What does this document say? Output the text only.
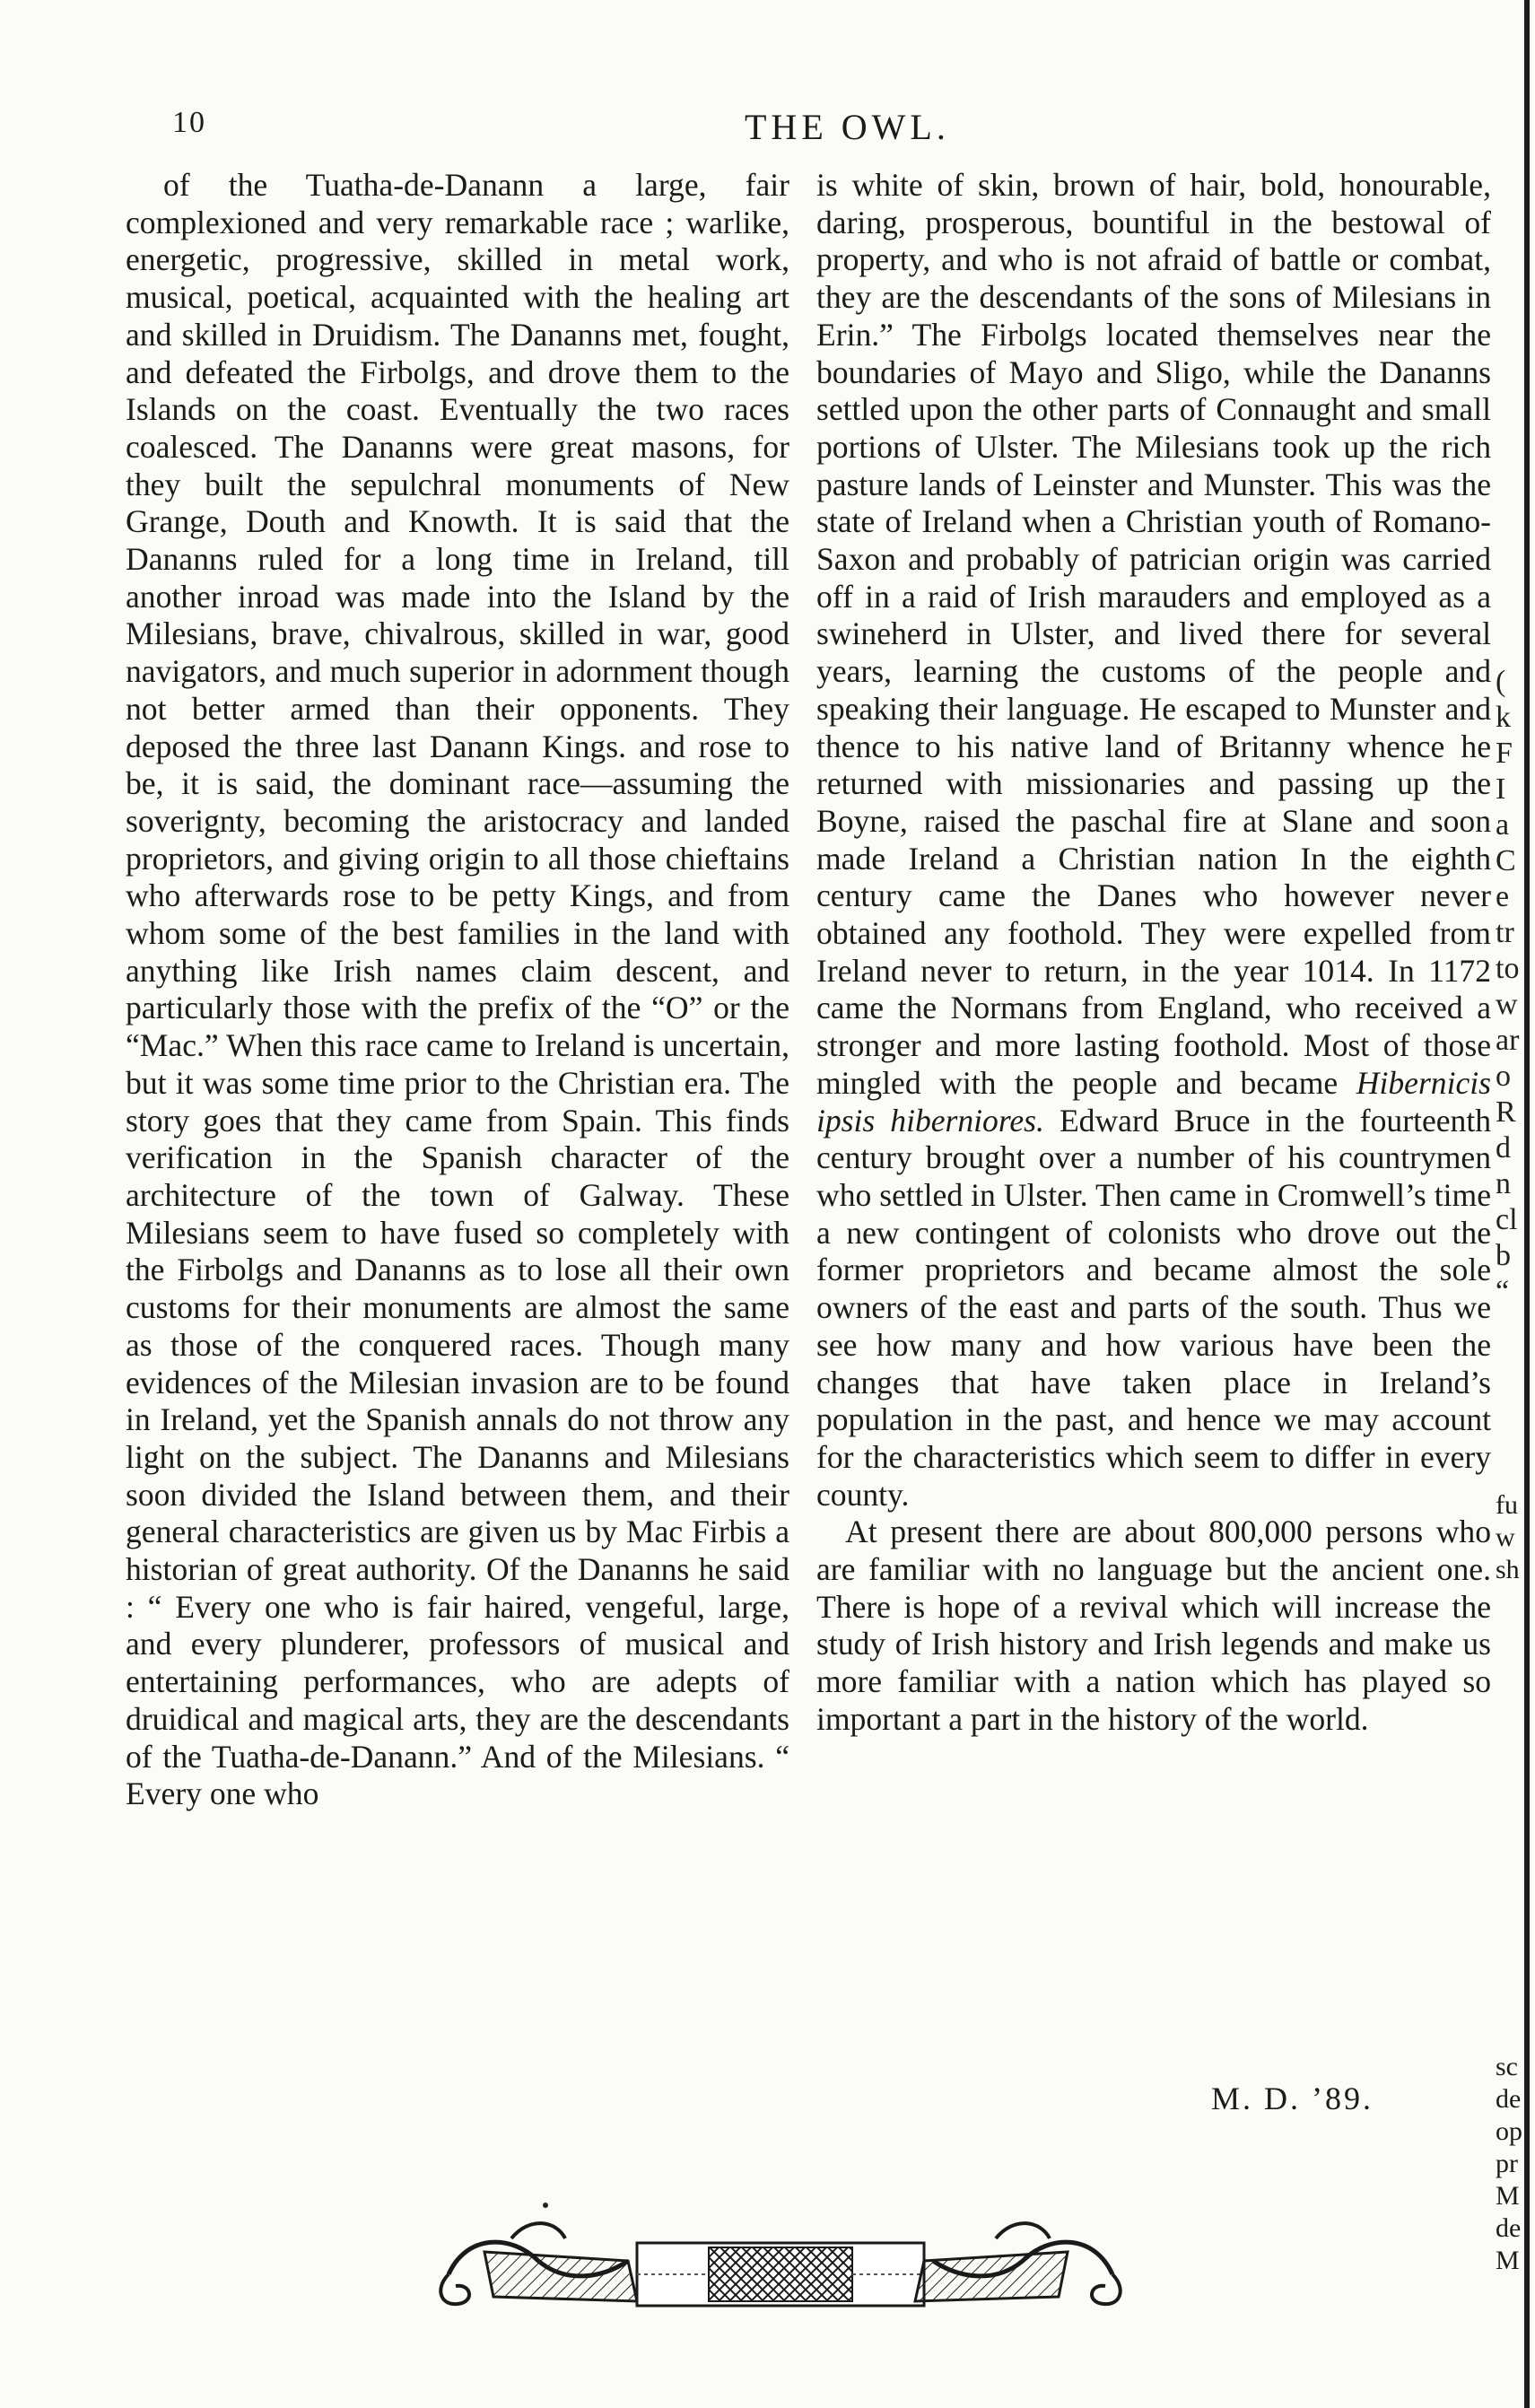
10	THE OWL.

of the Tuatha-de-Danann a large, fair complexioned and very remarkable race ; warlike, energetic, progressive, skilled in metal work, musical, poetical, acquainted with the healing art and skilled in Druidism. The Dananns met, fought, and defeated the Firbolgs, and drove them to the Islands on the coast. Eventually the two races coalesced. The Dananns were great masons, for they built the sepulchral monuments of New Grange, Douth and Knowth. It is said that the Dananns ruled for a long time in Ireland, till another inroad was made into the Island by the Milesians, brave, chivalrous, skilled in war, good navigators, and much superior in adornment though not better armed than their opponents. They deposed the three last Danann Kings. and rose to be, it is said, the dominant race—assuming the soverignty, becoming the aristocracy and landed proprietors, and giving origin to all those chieftains who afterwards rose to be petty Kings, and from whom some of the best families in the land with anything like Irish names claim descent, and particularly those with the prefix of the “O” or the “Mac.” When this race came to Ireland is uncertain, but it was some time prior to the Christian era. The story goes that they came from Spain. This finds verification in the Spanish character of the architecture of the town of Galway. These Milesians seem to have fused so completely with the Firbolgs and Dananns as to lose all their own customs for their monuments are almost the same as those of the conquered races. Though many evidences of the Milesian invasion are to be found in Ireland, yet the Spanish annals do not throw any light on the subject. The Dananns and Milesians soon divided the Island between them, and their general characteristics are given us by Mac Firbis a historian of great authority. Of the Dananns he said : “ Every one who is fair haired, vengeful, large, and every plunderer, professors of musical and entertaining performances, who are adepts of druidical and magical arts, they are the descendants of the Tuatha-de-Danann.” And of the Milesians. “ Every one who

is white of skin, brown of hair, bold, honourable, daring, prosperous, bountiful in the bestowal of property, and who is not afraid of battle or combat, they are the descendants of the sons of Milesians in Erin.” The Firbolgs located themselves near the boundaries of Mayo and Sligo, while the Dananns settled upon the other parts of Connaught and small portions of Ulster. The Milesians took up the rich pasture lands of Leinster and Munster. This was the state of Ireland when a Christian youth of Romano-Saxon and probably of patrician origin was carried off in a raid of Irish marauders and employed as a swineherd in Ulster, and lived there for several years, learning the customs of the people and speaking their language. He escaped to Munster and thence to his native land of Britanny whence he returned with missionaries and passing up the Boyne, raised the paschal fire at Slane and soon made Ireland a Christian nation In the eighth century came the Danes who however never obtained any foothold. They were expelled from Ireland never to return, in the year 1014. In 1172 came the Normans from England, who received a stronger and more lasting foothold. Most of those mingled with the people and became Hibernicis ipsis hiberniores. Edward Bruce in the fourteenth century brought over a number of his countrymen who settled in Ulster. Then came in Cromwell’s time a new contingent of colonists who drove out the former proprietors and became almost the sole owners of the east and parts of the south. Thus we see how many and how various have been the changes that have taken place in Ireland’s population in the past, and hence we may account for the characteristics which seem to differ in every county.

At present there are about 800,000 persons who are familiar with no language but the ancient one. There is hope of a revival which will increase the study of Irish history and Irish legends and make us more familiar with a nation which has played so important a part in the history of the world.

M. D. ’89.
(
k
F
I
a
C
e
tr
to
w
ar
o
R
d
n
cl
b
“
fu
w
sh
sc
de
op
pr
M
de
M
